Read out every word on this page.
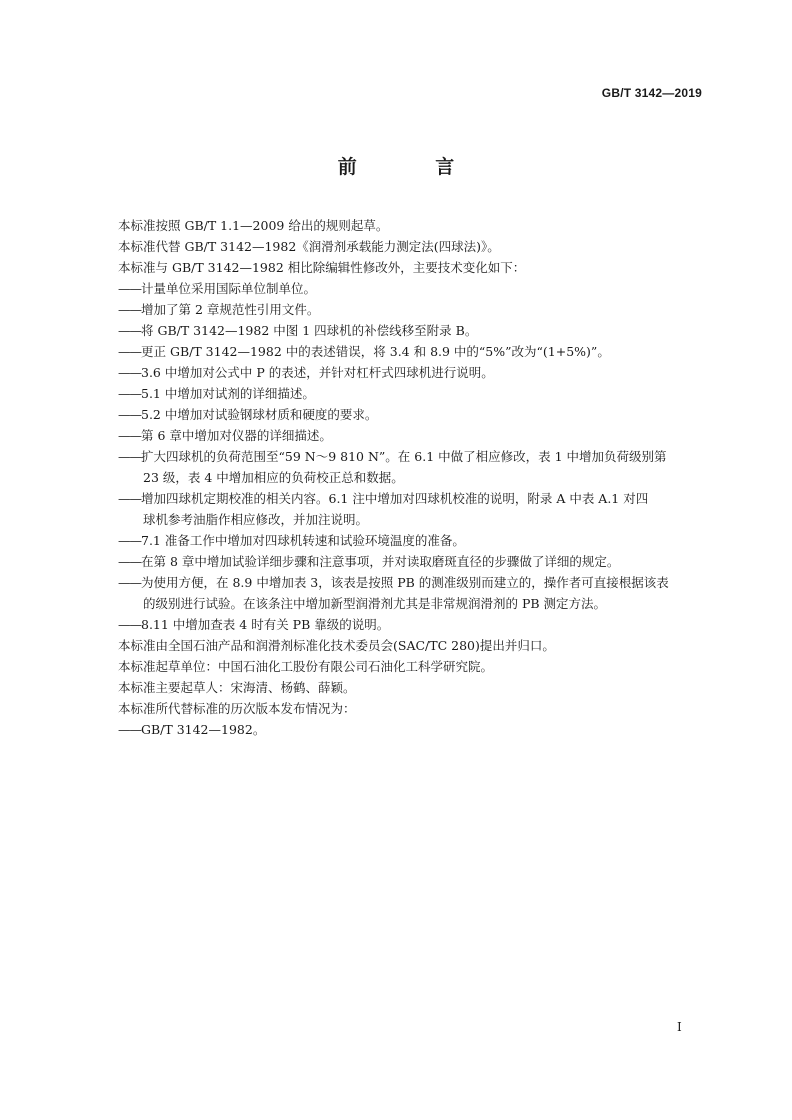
GB/T 3142—2019
前 言

本标准按照 GB/T 1.1—2009 给出的规则起草。

本标准代替 GB/T 3142—1982《润滑剂承载能力测定法(四球法)》。

本标准与 GB/T 3142—1982 相比除编辑性修改外，主要技术变化如下：

——计量单位采用国际单位制单位。

——增加了第 2 章规范性引用文件。

——将 GB/T 3142—1982 中图 1 四球机的补偿线移至附录 B。

——更正 GB/T 3142—1982 中的表述错误，将 3.4 和 8.9 中的“5%”改为“(1+5%)”。

——3.6 中增加对公式中 P 的表述，并针对杠杆式四球机进行说明。

——5.1 中增加对试剂的详细描述。

——5.2 中增加对试验钢球材质和硬度的要求。

——第 6 章中增加对仪器的详细描述。

——扩大四球机的负荷范围至“59 N～9 810 N”。在 6.1 中做了相应修改，表 1 中增加负荷级别第
23 级，表 4 中增加相应的负荷校正总和数据。

——增加四球机定期校准的相关内容。6.1 注中增加对四球机校准的说明，附录 A 中表 A.1 对四
球机参考油脂作相应修改，并加注说明。

——7.1 准备工作中增加对四球机转速和试验环境温度的准备。

——在第 8 章中增加试验详细步骤和注意事项，并对读取磨斑直径的步骤做了详细的规定。

——为使用方便，在 8.9 中增加表 3，该表是按照 PB 的测准级别而建立的，操作者可直接根据该表
的级别进行试验。在该条注中增加新型润滑剂尤其是非常规润滑剂的 PB 测定方法。

——8.11 中增加查表 4 时有关 PB 靠级的说明。

本标准由全国石油产品和润滑剂标准化技术委员会(SAC/TC 280)提出并归口。

本标准起草单位：中国石油化工股份有限公司石油化工科学研究院。

本标准主要起草人：宋海清、杨鹤、薛颖。

本标准所代替标准的历次版本发布情况为：

——GB/T 3142—1982。

I
